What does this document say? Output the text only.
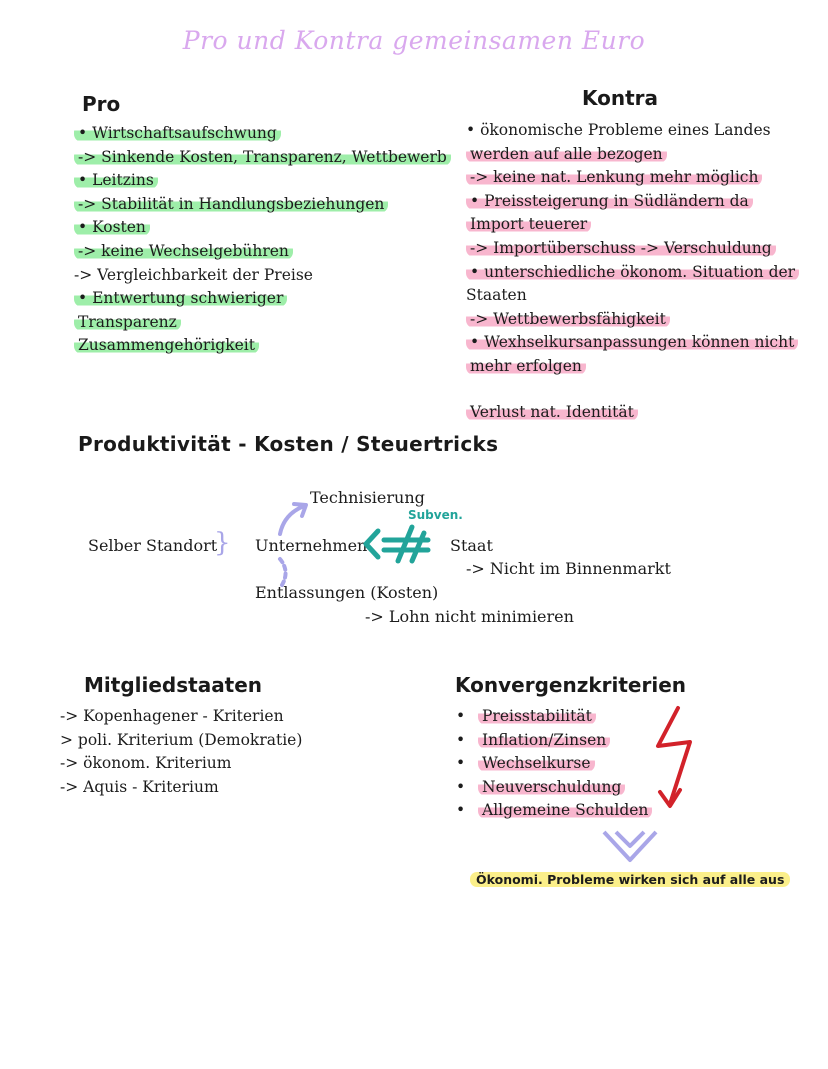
Pro und Kontra gemeinsamen Euro
Pro
• Wirtschaftsaufschwung
-> Sinkende Kosten, Transparenz, Wettbewerb
• Leitzins
-> Stabilität in Handlungsbeziehungen
• Kosten
-> keine Wechselgebühren
-> Vergleichbarkeit der Preise
• Entwertung schwieriger
Transparenz
Zusammengehörigkeit
Kontra
• ökonomische Probleme eines Landes
werden auf alle bezogen
-> keine nat. Lenkung mehr möglich
• Preissteigerung in Südländern da
Import teuerer
-> Importüberschuss -> Verschuldung
• unterschiedliche ökonom. Situation der
Staaten
-> Wettbewerbsfähigkeit
• Wexhselkursanpassungen können nicht
mehr erfolgen
Verlust nat. Identität
Produktivität - Kosten / Steuertricks
Technisierung
Subven.
Selber Standort
} Unternehmen	Staat
-> Nicht im Binnenmarkt
Entlassungen (Kosten)
-> Lohn nicht minimieren
Mitgliedstaaten
-> Kopenhagener - Kriterien
> poli. Kriterium (Demokratie)
-> ökonom. Kriterium
-> Aquis - Kriterium
Konvergenzkriterien
• Preisstabilität
• Inflation/Zinsen
• Wechselkurse
• Neuverschuldung
• Allgemeine Schulden
Ökonomi. Probleme wirken sich auf alle aus
